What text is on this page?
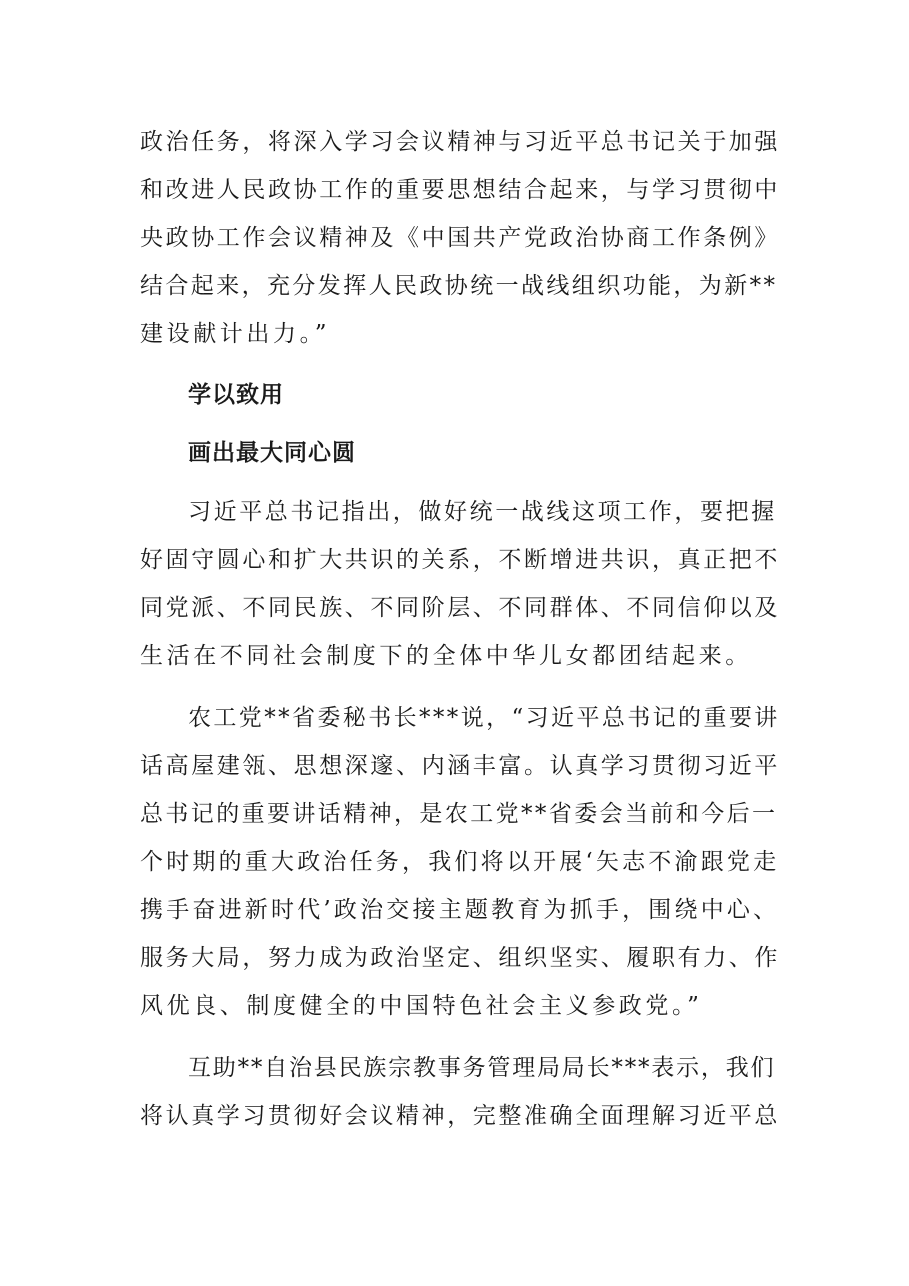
政治任务，将深入学习会议精神与习近平总书记关于加强
和改进人民政协工作的重要思想结合起来，与学习贯彻中
央政协工作会议精神及《中国共产党政治协商工作条例》
结合起来，充分发挥人民政协统一战线组织功能，为新**
建设献计出力。”
学以致用
画出最大同心圆
习近平总书记指出，做好统一战线这项工作，要把握
好固守圆心和扩大共识的关系，不断增进共识，真正把不
同党派、不同民族、不同阶层、不同群体、不同信仰以及
生活在不同社会制度下的全体中华儿女都团结起来。
农工党**省委秘书长***说，“习近平总书记的重要讲
话高屋建瓴、思想深邃、内涵丰富。认真学习贯彻习近平
总书记的重要讲话精神，是农工党**省委会当前和今后一
个时期的重大政治任务，我们将以开展‘矢志不渝跟党走
携手奋进新时代’政治交接主题教育为抓手，围绕中心、
服务大局，努力成为政治坚定、组织坚实、履职有力、作
风优良、制度健全的中国特色社会主义参政党。”
互助**自治县民族宗教事务管理局局长***表示，我们
将认真学习贯彻好会议精神，完整准确全面理解习近平总
